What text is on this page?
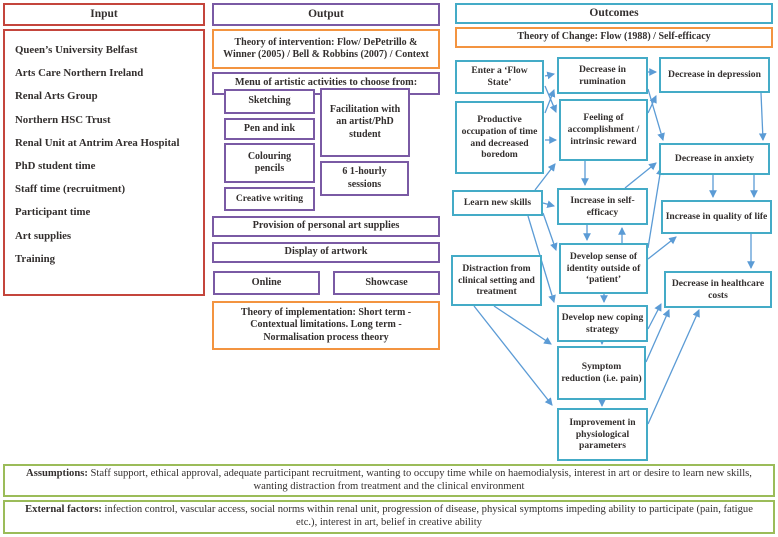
Input
Queen’s University Belfast
Arts Care Northern Ireland
Renal Arts Group
Northern HSC Trust
Renal Unit at Antrim Area Hospital
PhD student time
Staff time (recruitment)
Participant time
Art supplies
Training
Output
Theory of intervention: Flow/ DePetrillo & Winner (2005) / Bell & Robbins (2007) / Context
Menu of artistic activities to choose from:
Sketching
Pen and ink
Colouring pencils
Creative writing
Facilitation with an artist/PhD student
6 1-hourly sessions
Provision of personal art supplies
Display of artwork
Online	Showcase
Theory of implementation: Short term - Contextual limitations. Long term - Normalisation process theory
Outcomes
Theory of Change: Flow (1988) / Self-efficacy
Enter a ‘Flow State’
Productive occupation of time and decreased boredom
Decrease in rumination
Feeling of accomplishment / intrinsic reward
Decrease in depression
Decrease in anxiety
Learn new skills	Increase in self-efficacy
Develop sense of identity outside of ‘patient’
Distraction from clinical setting and treatment
Increase in quality of life
Develop new coping strategy
Decrease in healthcare costs
Symptom reduction (i.e. pain)
Improvement in physiological parameters
Assumptions: Staff support, ethical approval, adequate participant recruitment, wanting to occupy time while on haemodialysis, interest in art or desire to learn new skills, wanting distraction from treatment and the clinical environment
External factors: infection control, vascular access, social norms within renal unit, progression of disease, physical symptoms impeding ability to participate (pain, fatigue etc.), interest in art, belief in creative ability
